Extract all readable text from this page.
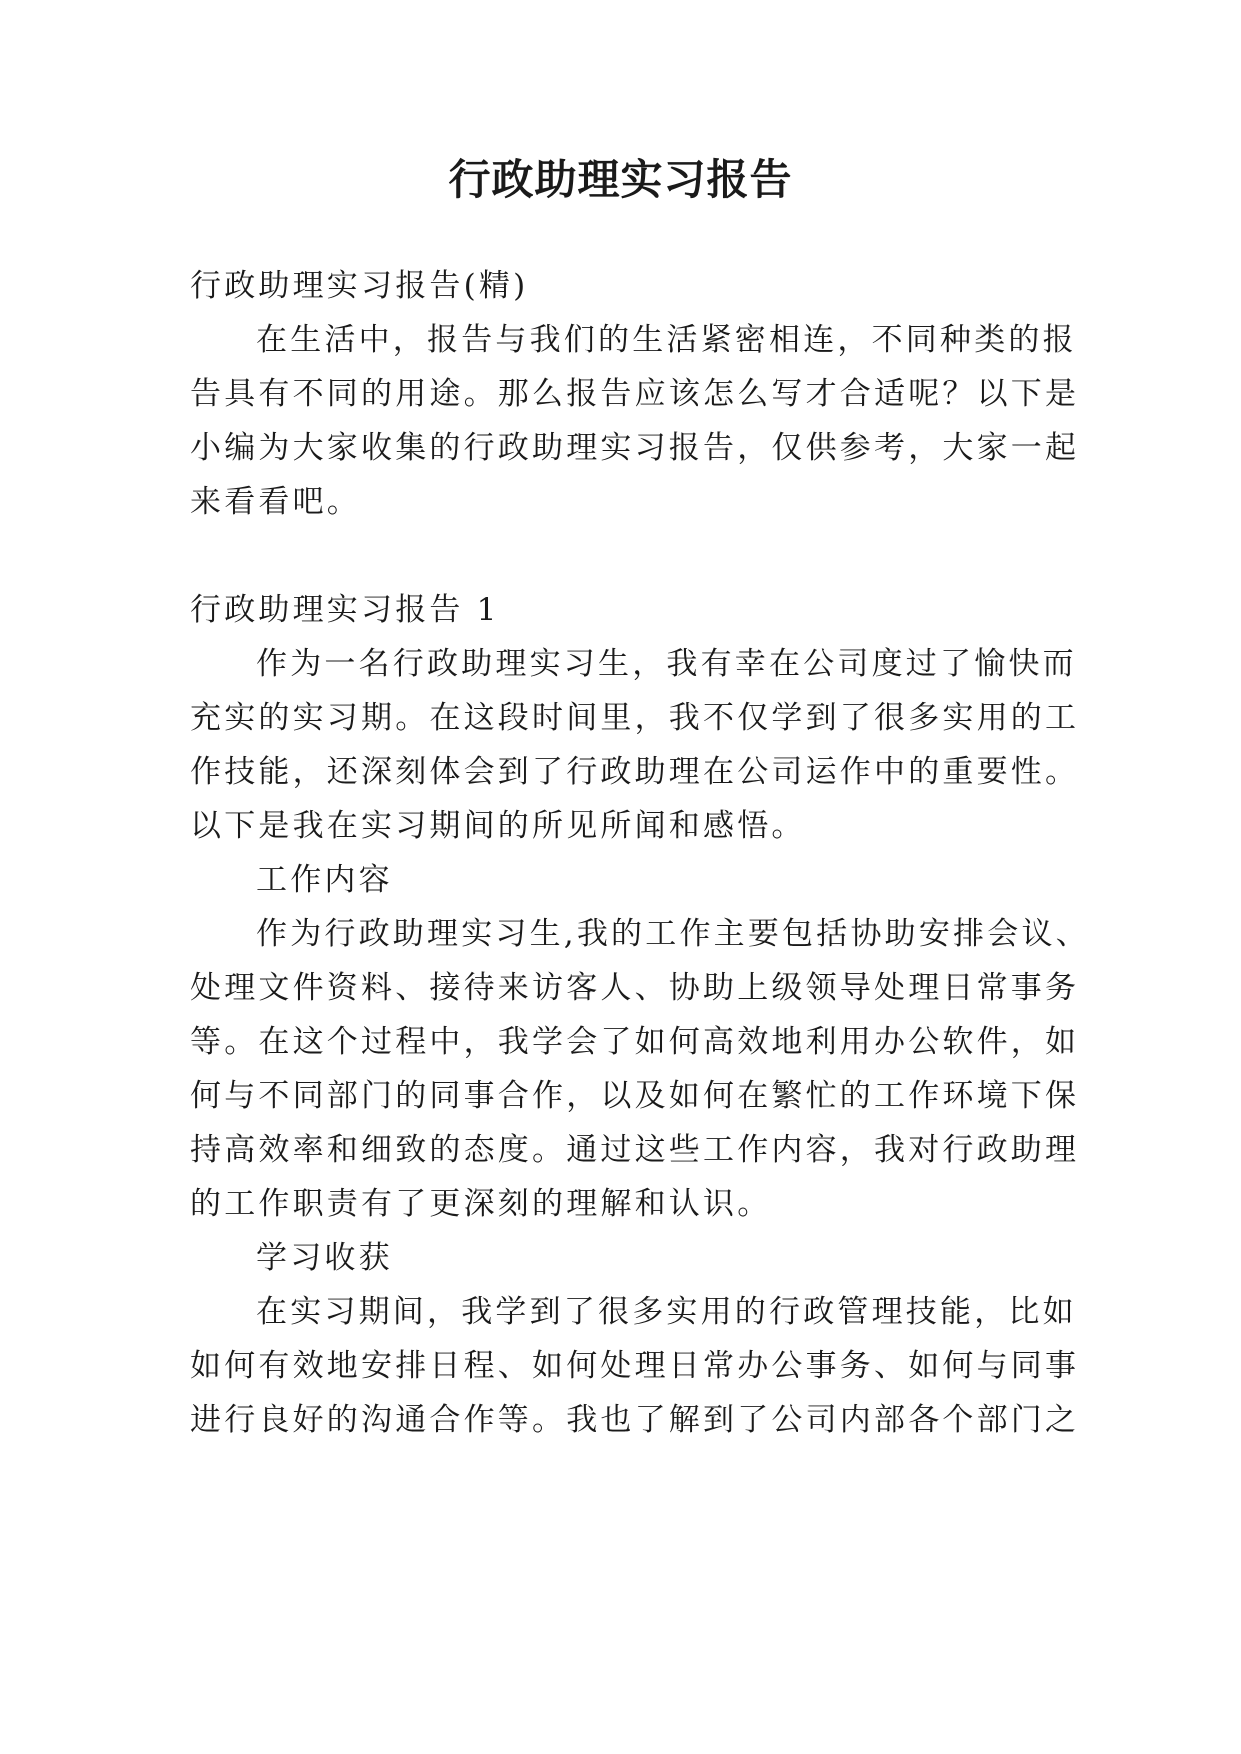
行政助理实习报告
行政助理实习报告(精)
在生活中，报告与我们的生活紧密相连，不同种类的报
告具有不同的用途。那么报告应该怎么写才合适呢？以下是
小编为大家收集的行政助理实习报告，仅供参考，大家一起
来看看吧。
行政助理实习报告 1
作为一名行政助理实习生，我有幸在公司度过了愉快而
充实的实习期。在这段时间里，我不仅学到了很多实用的工
作技能，还深刻体会到了行政助理在公司运作中的重要性。
以下是我在实习期间的所见所闻和感悟。
工作内容
作为行政助理实习生,我的工作主要包括协助安排会议、
处理文件资料、接待来访客人、协助上级领导处理日常事务
等。在这个过程中，我学会了如何高效地利用办公软件，如
何与不同部门的同事合作，以及如何在繁忙的工作环境下保
持高效率和细致的态度。通过这些工作内容，我对行政助理
的工作职责有了更深刻的理解和认识。
学习收获
在实习期间，我学到了很多实用的行政管理技能，比如
如何有效地安排日程、如何处理日常办公事务、如何与同事
进行良好的沟通合作等。我也了解到了公司内部各个部门之
